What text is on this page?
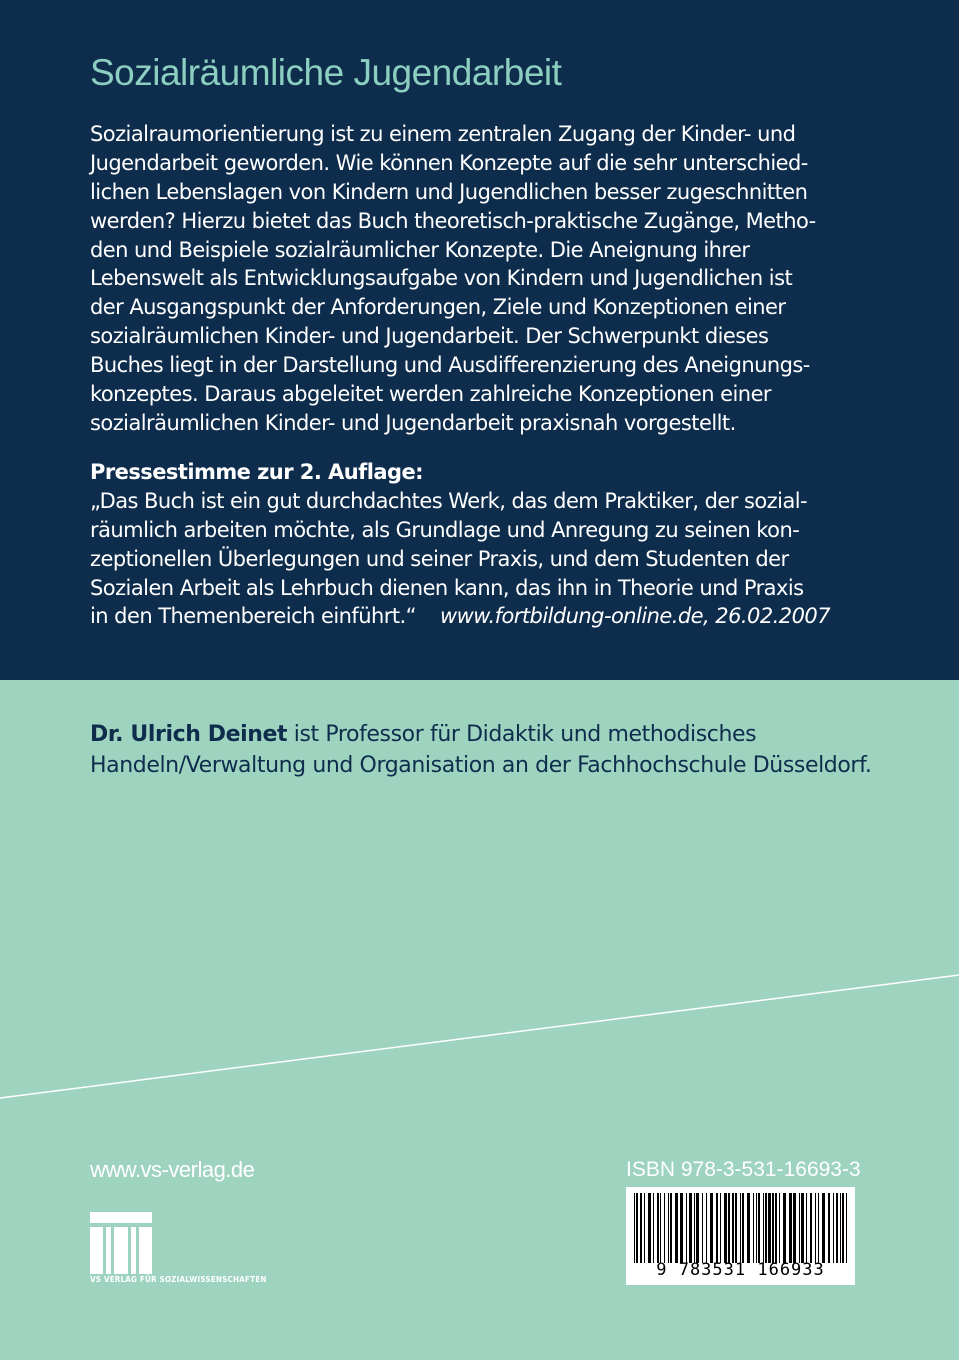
Sozialräumliche Jugendarbeit
Sozialraumorientierung ist zu einem zentralen Zugang der Kinder- und
Jugendarbeit geworden. Wie können Konzepte auf die sehr unterschied-
lichen Lebenslagen von Kindern und Jugendlichen besser zugeschnitten
werden? Hierzu bietet das Buch theoretisch-praktische Zugänge, Metho-
den und Beispiele sozialräumlicher Konzepte. Die Aneignung ihrer
Lebenswelt als Entwicklungsaufgabe von Kindern und Jugendlichen ist
der Ausgangspunkt der Anforderungen, Ziele und Konzeptionen einer
sozialräumlichen Kinder- und Jugendarbeit. Der Schwerpunkt dieses
Buches liegt in der Darstellung und Ausdifferenzierung des Aneignungs-
konzeptes. Daraus abgeleitet werden zahlreiche Konzeptionen einer
sozialräumlichen Kinder- und Jugendarbeit praxisnah vorgestellt.
Pressestimme zur 2. Auflage:
„Das Buch ist ein gut durchdachtes Werk, das dem Praktiker, der sozial-
räumlich arbeiten möchte, als Grundlage und Anregung zu seinen kon-
zeptionellen Überlegungen und seiner Praxis, und dem Studenten der
Sozialen Arbeit als Lehrbuch dienen kann, das ihn in Theorie und Praxis
in den Themenbereich einführt.“ www.fortbildung-online.de, 26.02.2007
Dr. Ulrich Deinet ist Professor für Didaktik und methodisches
Handeln/Verwaltung und Organisation an der Fachhochschule Düsseldorf.
www.vs-verlag.de
VS VERLAG FÜR SOZIALWISSENSCHAFTEN
ISBN 978-3-531-16693-3
9 783531 166933
